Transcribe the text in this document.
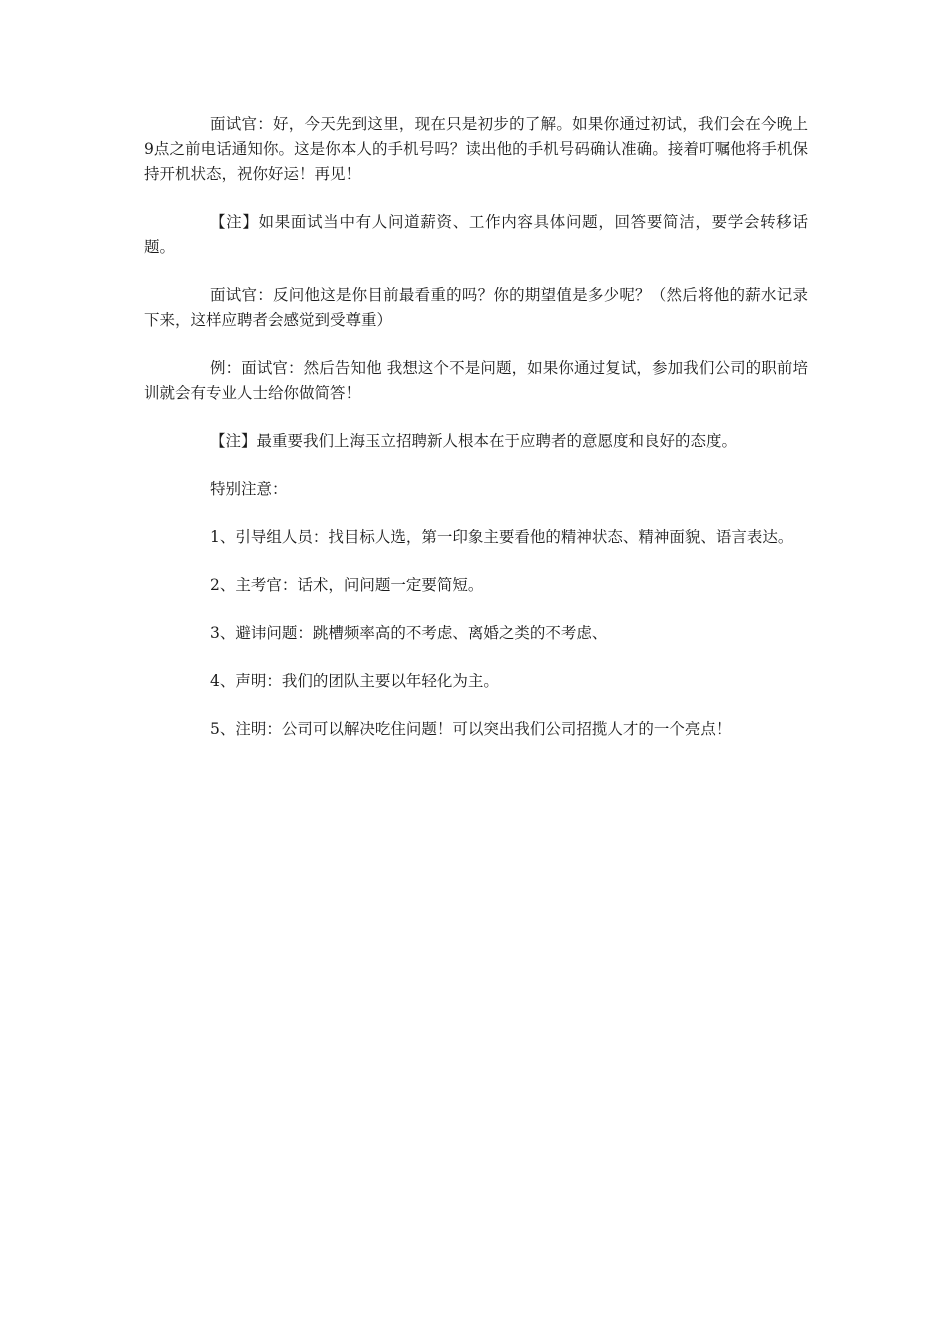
面试官：好，今天先到这里，现在只是初步的了解。如果你通过初试，我们会在今晚上9点之前电话通知你。这是你本人的手机号吗？读出他的手机号码确认准确。接着叮嘱他将手机保持开机状态，祝你好运！再见！

【注】如果面试当中有人问道薪资、工作内容具体问题，回答要简洁，要学会转移话题。

面试官：反问他这是你目前最看重的吗？你的期望值是多少呢？（然后将他的薪水记录下来，这样应聘者会感觉到受尊重）

例：面试官：然后告知他 我想这个不是问题，如果你通过复试，参加我们公司的职前培训就会有专业人士给你做简答！

【注】最重要我们上海玉立招聘新人根本在于应聘者的意愿度和良好的态度。

特别注意：

1、引导组人员：找目标人选，第一印象主要看他的精神状态、精神面貌、语言表达。
2、主考官：话术，问问题一定要简短。
3、避讳问题：跳槽频率高的不考虑、离婚之类的不考虑、
4、声明：我们的团队主要以年轻化为主。
5、注明：公司可以解决吃住问题！可以突出我们公司招揽人才的一个亮点！
